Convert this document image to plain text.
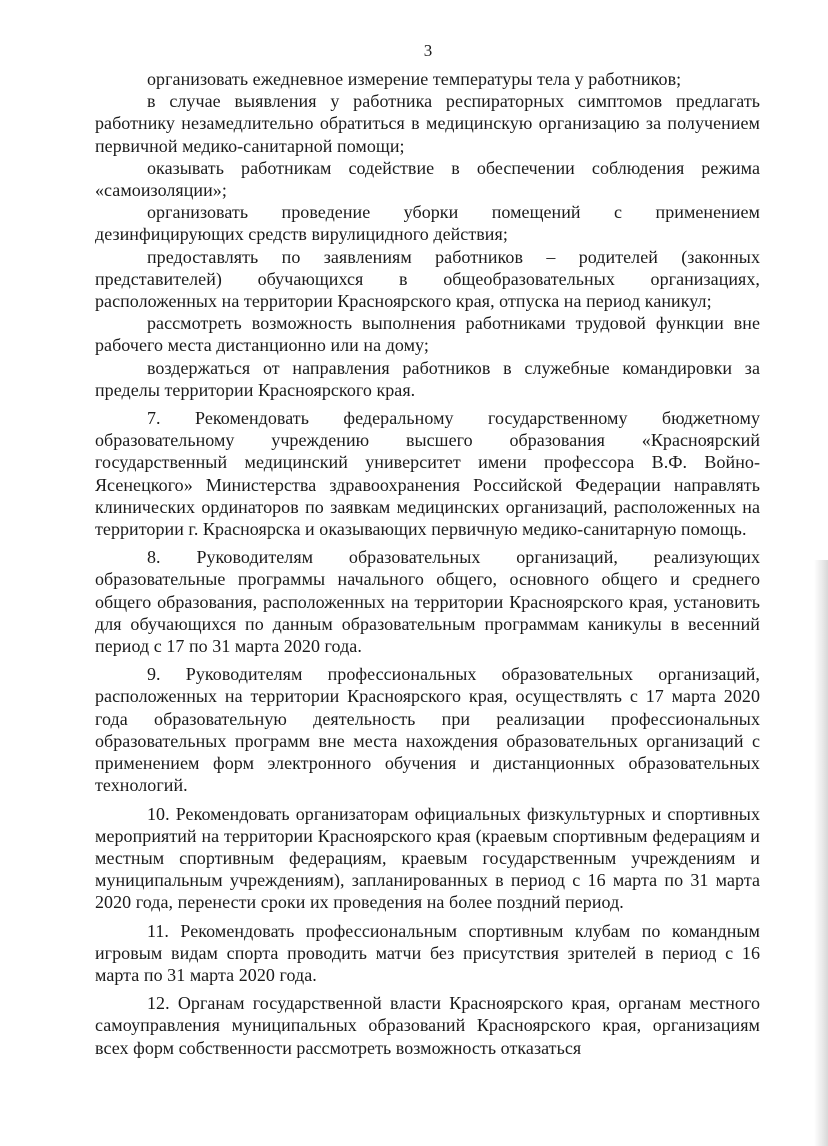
3

организовать ежедневное измерение температуры тела у работников;

в случае выявления у работника респираторных симптомов предлагать работнику незамедлительно обратиться в медицинскую организацию за получением первичной медико-санитарной помощи;

оказывать работникам содействие в обеспечении соблюдения режима «самоизоляции»;

организовать проведение уборки помещений с применением дезинфицирующих средств вирулицидного действия;

предоставлять по заявлениям работников – родителей (законных представителей) обучающихся в общеобразовательных организациях, расположенных на территории Красноярского края, отпуска на период каникул;

рассмотреть возможность выполнения работниками трудовой функции вне рабочего места дистанционно или на дому;

воздержаться от направления работников в служебные командировки за пределы территории Красноярского края.

7. Рекомендовать федеральному государственному бюджетному образовательному учреждению высшего образования «Красноярский государственный медицинский университет имени профессора В.Ф. Войно-Ясенецкого» Министерства здравоохранения Российской Федерации направлять клинических ординаторов по заявкам медицинских организаций, расположенных на территории г. Красноярска и оказывающих первичную медико-санитарную помощь.

8. Руководителям образовательных организаций, реализующих образовательные программы начального общего, основного общего и среднего общего образования, расположенных на территории Красноярского края, установить для обучающихся по данным образовательным программам каникулы в весенний период с 17 по 31 марта 2020 года.

9. Руководителям профессиональных образовательных организаций, расположенных на территории Красноярского края, осуществлять с 17 марта 2020 года образовательную деятельность при реализации профессиональных образовательных программ вне места нахождения образовательных организаций с применением форм электронного обучения и дистанционных образовательных технологий.

10. Рекомендовать организаторам официальных физкультурных и спортивных мероприятий на территории Красноярского края (краевым спортивным федерациям и местным спортивным федерациям, краевым государственным учреждениям и муниципальным учреждениям), запланированных в период с 16 марта по 31 марта 2020 года, перенести сроки их проведения на более поздний период.

11. Рекомендовать профессиональным спортивным клубам по командным игровым видам спорта проводить матчи без присутствия зрителей в период с 16 марта по 31 марта 2020 года.

12. Органам государственной власти Красноярского края, органам местного самоуправления муниципальных образований Красноярского края, организациям всех форм собственности рассмотреть возможность отказаться
